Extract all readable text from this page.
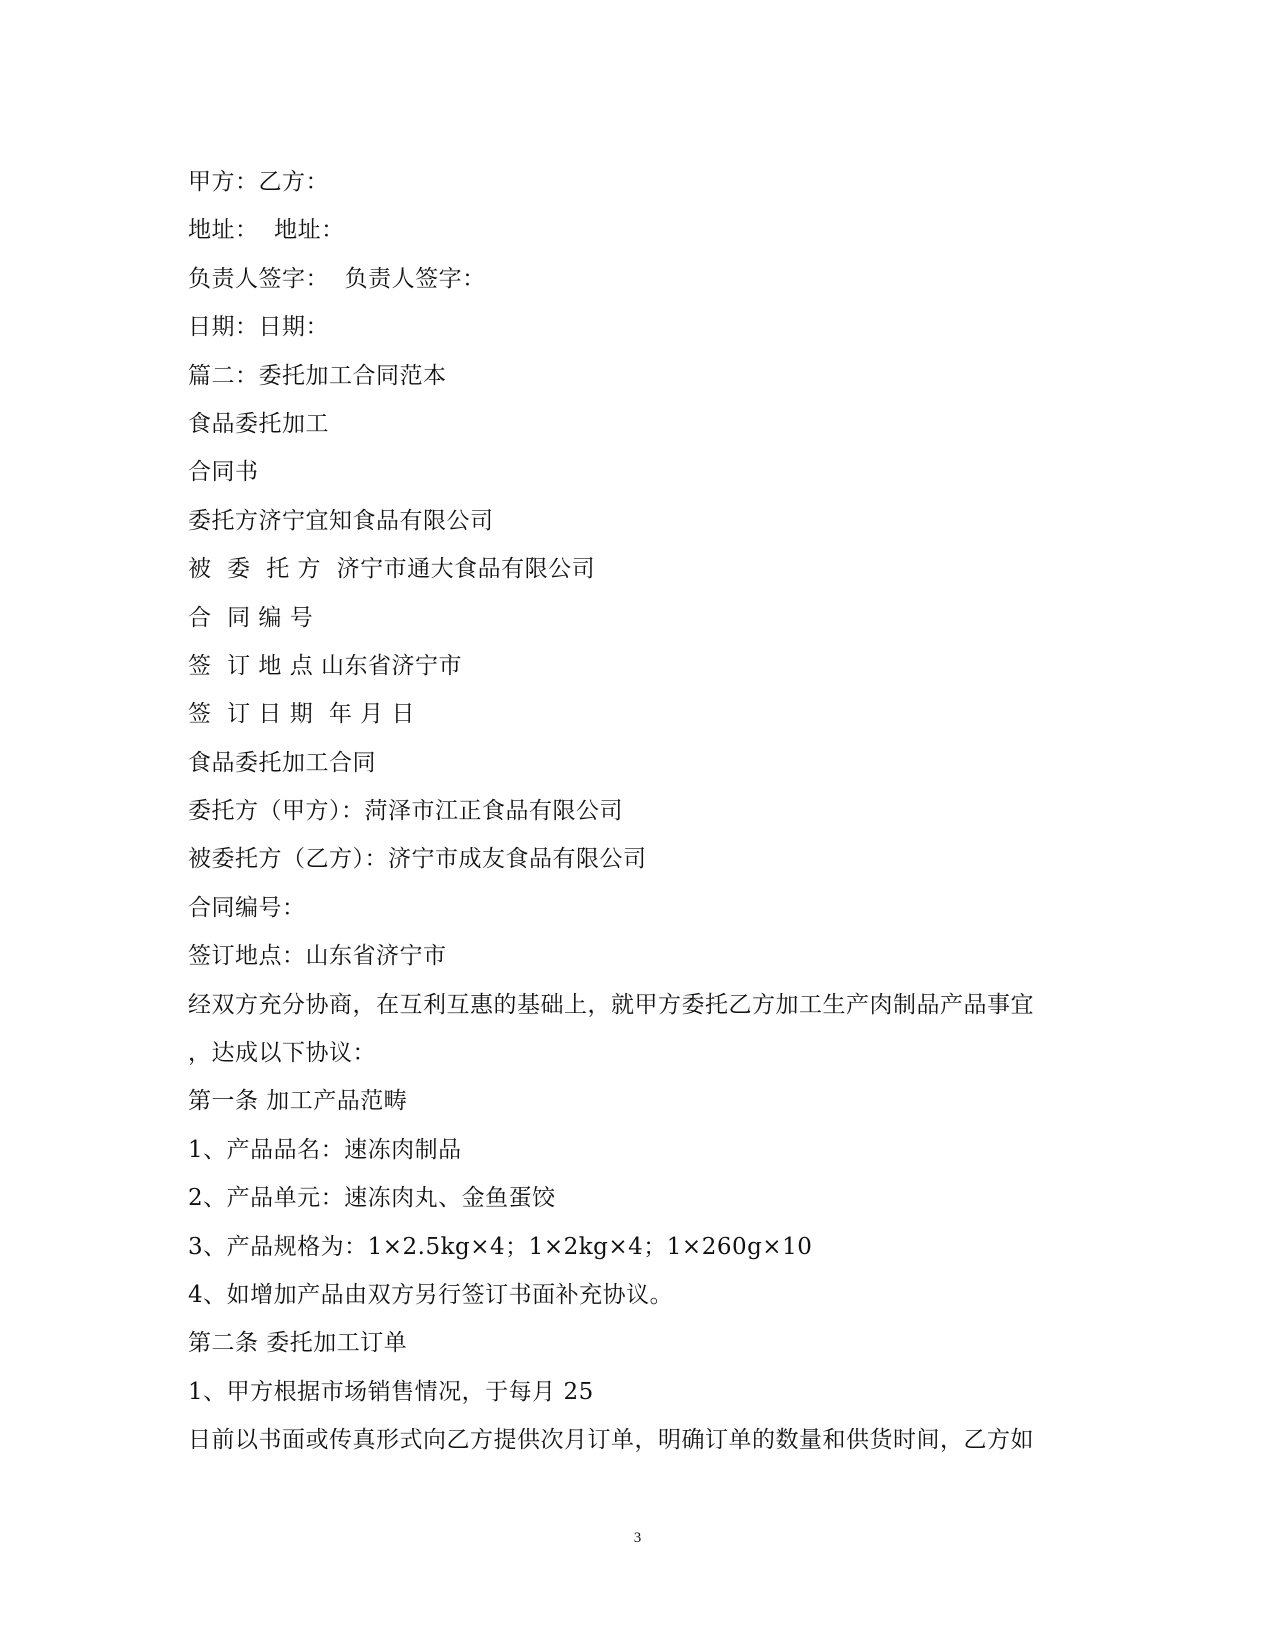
甲方：乙方：
地址：  地址：
负责人签字：  负责人签字：
日期：日期：
篇二：委托加工合同范本
食品委托加工
合同书
委托方济宁宜知食品有限公司
被  委  托 方  济宁市通大食品有限公司
合  同 编 号
签  订 地 点 山东省济宁市
签  订 日 期  年 月 日
食品委托加工合同
委托方（甲方）：菏泽市江正食品有限公司
被委托方（乙方）：济宁市成友食品有限公司
合同编号：
签订地点：山东省济宁市
经双方充分协商，在互利互惠的基础上，就甲方委托乙方加工生产肉制品产品事宜
，达成以下协议：
第一条 加工产品范畴
1、产品品名：速冻肉制品
2、产品单元：速冻肉丸、金鱼蛋饺
3、产品规格为：1×2.5kg×4；1×2kg×4；1×260g×10
4、如增加产品由双方另行签订书面补充协议。
第二条 委托加工订单
1、甲方根据市场销售情况，于每月 25
日前以书面或传真形式向乙方提供次月订单，明确订单的数量和供货时间，乙方如
3
